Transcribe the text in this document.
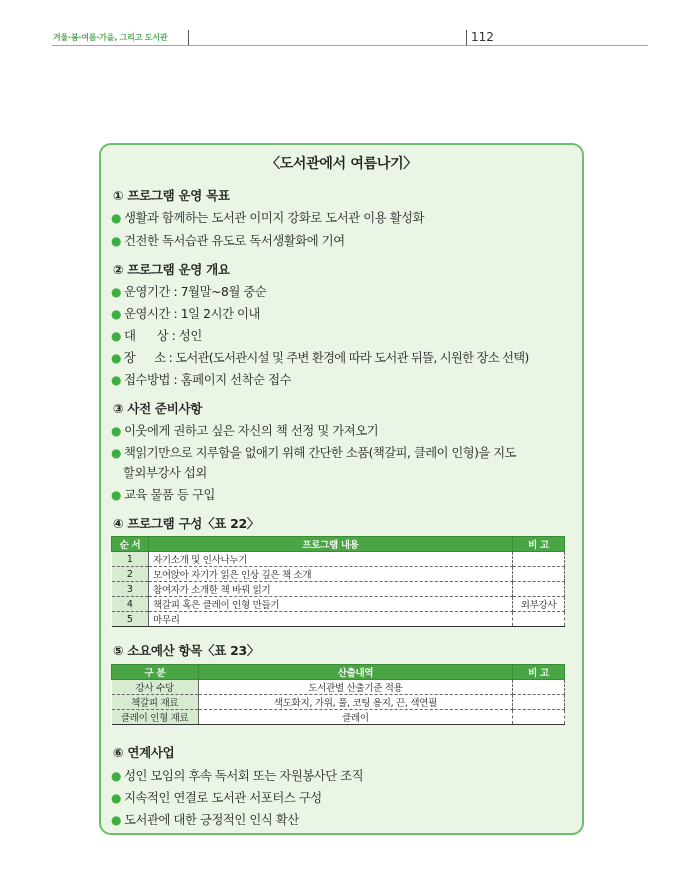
겨울·봄·여름·가을, 그리고 도서관	112
〈도서관에서 여름나기〉
① 프로그램 운영 목표
● 생활과 함께하는 도서관 이미지 강화로 도서관 이용 활성화
● 건전한 독서습관 유도로 독서생활화에 기여
② 프로그램 운영 개요
● 운영기간 : 7월말~8월 중순
● 운영시간 : 1일 2시간 이내
● 대      상 : 성인
● 장      소 : 도서관(도서관시설 및 주변 환경에 따라 도서관 뒤뜰, 시원한 장소 선택)
● 접수방법 : 홈페이지 선착순 접수
③ 사전 준비사항
● 이웃에게 권하고 싶은 자신의 책 선정 및 가져오기
● 책읽기만으로 지루함을 없애기 위해 간단한 소품(책갈피, 클레이 인형)을 지도
할외부강사 섭외
● 교육 물품 등 구입
④ 프로그램 구성〈표 22〉
순 서	프로그램 내용	비 고
1	자기소개 및 인사나누기	
2	모여앉아 자기가 읽은 인상 깊은 책 소개	
3	참여자가 소개한 책 바꿔 읽기	
4	책갈피 혹은 클레이 인형 만들기	외부강사
5	마무리	
⑤ 소요예산 항목〈표 23〉
구 분	산출내역	비 고
강사 수당	도서관별 산출기준 적용	
책갈피 재료	색도화지, 가위, 풀, 코팅 용지, 끈, 색연필	
클레이 인형 재료	클레이	
⑥ 연계사업
● 성인 모임의 후속 독서회 또는 자원봉사단 조직
● 지속적인 연결로 도서관 서포터스 구성
● 도서관에 대한 긍정적인 인식 확산
